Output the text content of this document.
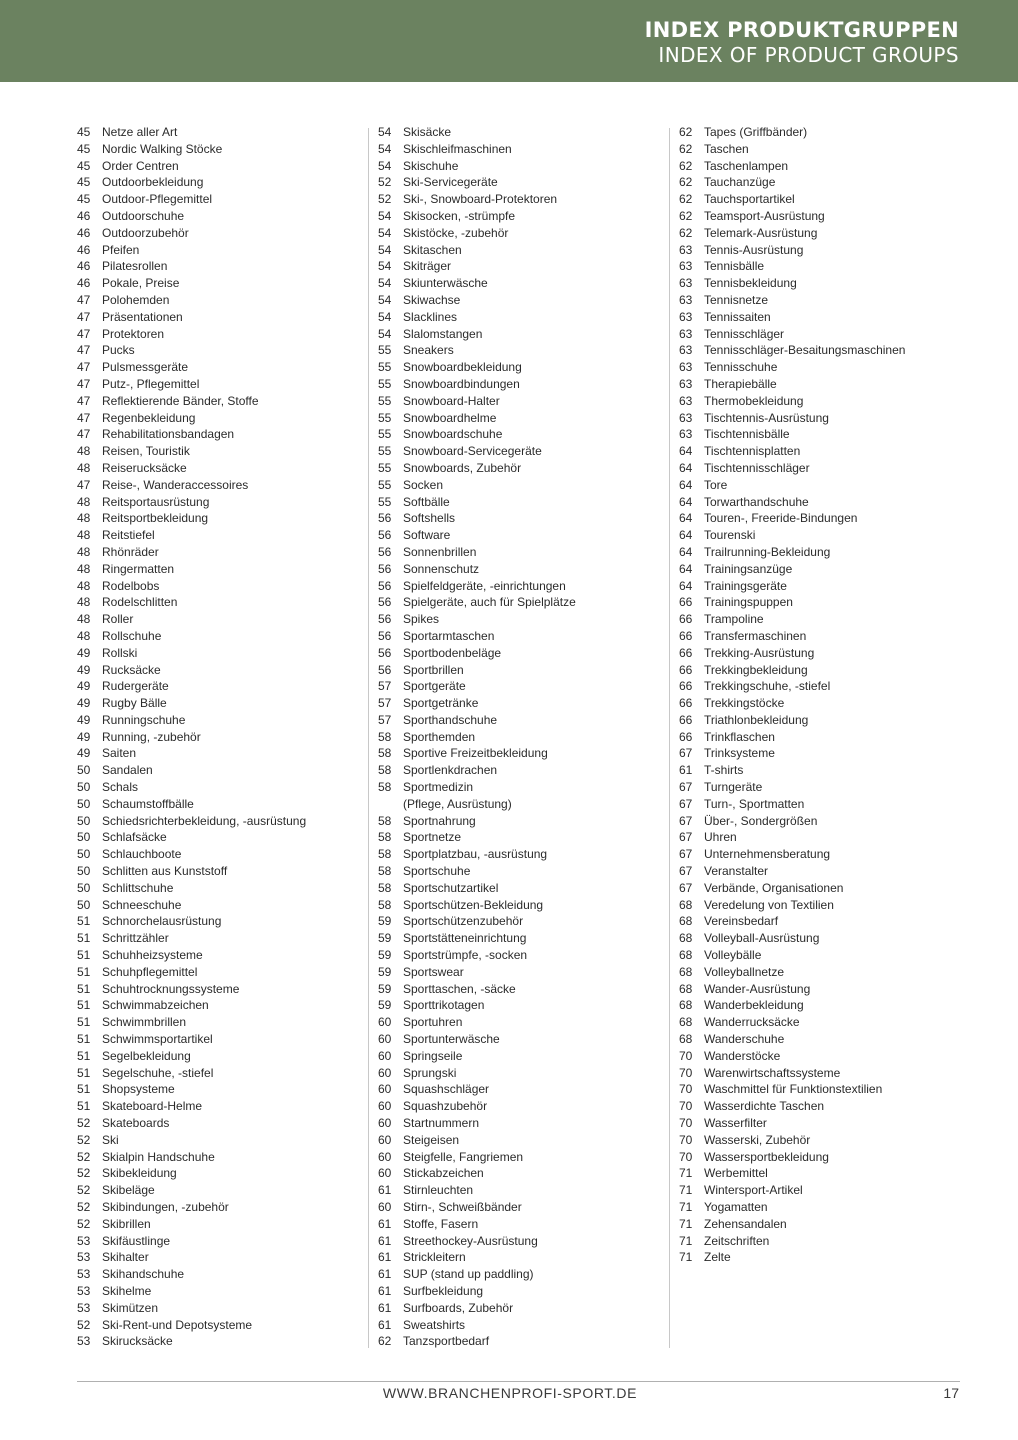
INDEX PRODUKTGRUPPEN
INDEX OF PRODUCT GROUPS
45 Netze aller Art
45 Nordic Walking Stöcke
45 Order Centren
45 Outdoorbekleidung
45 Outdoor-Pflegemittel
46 Outdoorschuhe
46 Outdoorzubehör
46 Pfeifen
46 Pilatesrollen
46 Pokale, Preise
47 Polohemden
47 Präsentationen
47 Protektoren
47 Pucks
47 Pulsmessgeräte
47 Putz-, Pflegemittel
47 Reflektierende Bänder, Stoffe
47 Regenbekleidung
47 Rehabilitationsbandagen
48 Reisen, Touristik
48 Reiserucksäcke
47 Reise-, Wanderaccessoires
48 Reitsportausrüstung
48 Reitsportbekleidung
48 Reitstiefel
48 Rhönräder
48 Ringermatten
48 Rodelbobs
48 Rodelschlitten
48 Roller
48 Rollschuhe
49 Rollski
49 Rucksäcke
49 Rudergeräte
49 Rugby Bälle
49 Runningschuhe
49 Running, -zubehör
49 Saiten
50 Sandalen
50 Schals
50 Schaumstoffbälle
50 Schiedsrichterbekleidung, -ausrüstung
50 Schlafsäcke
50 Schlauchboote
50 Schlitten aus Kunststoff
50 Schlittschuhe
50 Schneeschuhe
51 Schnorchelausrüstung
51 Schrittzähler
51 Schuhheizsysteme
51 Schuhpflegemittel
51 Schuhtrocknungssysteme
51 Schwimmabzeichen
51 Schwimmbrillen
51 Schwimmsportartikel
51 Segelbekleidung
51 Segelschuhe, -stiefel
51 Shopsysteme
51 Skateboard-Helme
52 Skateboards
52 Ski
52 Skialpin Handschuhe
52 Skibekleidung
52 Skibeläge
52 Skibindungen, -zubehör
52 Skibrillen
53 Skifäustlinge
53 Skihalter
53 Skihandschuhe
53 Skihelme
53 Skimützen
52 Ski-Rent-und Depotsysteme
53 Skirucksäcke
54 Skisäcke
54 Skischleifmaschinen
54 Skischuhe
52 Ski-Servicegeräte
52 Ski-, Snowboard-Protektoren
54 Skisocken, -strümpfe
54 Skistöcke, -zubehör
54 Skitaschen
54 Skiträger
54 Skiunterwäsche
54 Skiwachse
54 Slacklines
54 Slalomstangen
55 Sneakers
55 Snowboardbekleidung
55 Snowboardbindungen
55 Snowboard-Halter
55 Snowboardhelme
55 Snowboardschuhe
55 Snowboard-Servicegeräte
55 Snowboards, Zubehör
55 Socken
55 Softbälle
56 Softshells
56 Software
56 Sonnenbrillen
56 Sonnenschutz
56 Spielfeldgeräte, -einrichtungen
56 Spielgeräte, auch für Spielplätze
56 Spikes
56 Sportarmtaschen
56 Sportbodenbeläge
56 Sportbrillen
57 Sportgeräte
57 Sportgetränke
57 Sporthandschuhe
58 Sporthemden
58 Sportive Freizeitbekleidung
58 Sportlenkdrachen
58 Sportmedizin
(Pflege, Ausrüstung)
58 Sportnahrung
58 Sportnetze
58 Sportplatzbau, -ausrüstung
58 Sportschuhe
58 Sportschutzartikel
58 Sportschützen-Bekleidung
59 Sportschützenzubehör
59 Sportstätteneinrichtung
59 Sportstrümpfe, -socken
59 Sportswear
59 Sporttaschen, -säcke
59 Sporttrikotagen
60 Sportuhren
60 Sportunterwäsche
60 Springseile
60 Sprungski
60 Squashschläger
60 Squashzubehör
60 Startnummern
60 Steigeisen
60 Steigfelle, Fangriemen
60 Stickabzeichen
61 Stirnleuchten
60 Stirn-, Schweißbänder
61 Stoffe, Fasern
61 Streethockey-Ausrüstung
61 Strickleitern
61 SUP (stand up paddling)
61 Surfbekleidung
61 Surfboards, Zubehör
61 Sweatshirts
62 Tanzsportbedarf
62 Tapes (Griffbänder)
62 Taschen
62 Taschenlampen
62 Tauchanzüge
62 Tauchsportartikel
62 Teamsport-Ausrüstung
62 Telemark-Ausrüstung
63 Tennis-Ausrüstung
63 Tennisbälle
63 Tennisbekleidung
63 Tennisnetze
63 Tennissaiten
63 Tennisschläger
63 Tennisschläger-Besaitungsmaschinen
63 Tennisschuhe
63 Therapiebälle
63 Thermobekleidung
63 Tischtennis-Ausrüstung
63 Tischtennisbälle
64 Tischtennisplatten
64 Tischtennisschläger
64 Tore
64 Torwarthandschuhe
64 Touren-, Freeride-Bindungen
64 Tourenski
64 Trailrunning-Bekleidung
64 Trainingsanzüge
64 Trainingsgeräte
66 Trainingspuppen
66 Trampoline
66 Transfermaschinen
66 Trekking-Ausrüstung
66 Trekkingbekleidung
66 Trekkingschuhe, -stiefel
66 Trekkingstöcke
66 Triathlonbekleidung
66 Trinkflaschen
67 Trinksysteme
61 T-shirts
67 Turngeräte
67 Turn-, Sportmatten
67 Über-, Sondergrößen
67 Uhren
67 Unternehmensberatung
67 Veranstalter
67 Verbände, Organisationen
68 Veredelung von Textilien
68 Vereinsbedarf
68 Volleyball-Ausrüstung
68 Volleybälle
68 Volleyballnetze
68 Wander-Ausrüstung
68 Wanderbekleidung
68 Wanderrucksäcke
68 Wanderschuhe
70 Wanderstöcke
70 Warenwirtschaftssysteme
70 Waschmittel für Funktionstextilien
70 Wasserdichte Taschen
70 Wasserfilter
70 Wasserski, Zubehör
70 Wassersportbekleidung
71 Werbemittel
71 Wintersport-Artikel
71 Yogamatten
71 Zehensandalen
71 Zeitschriften
71 Zelte
WWW.BRANCHENPROFI-SPORT.DE	17
